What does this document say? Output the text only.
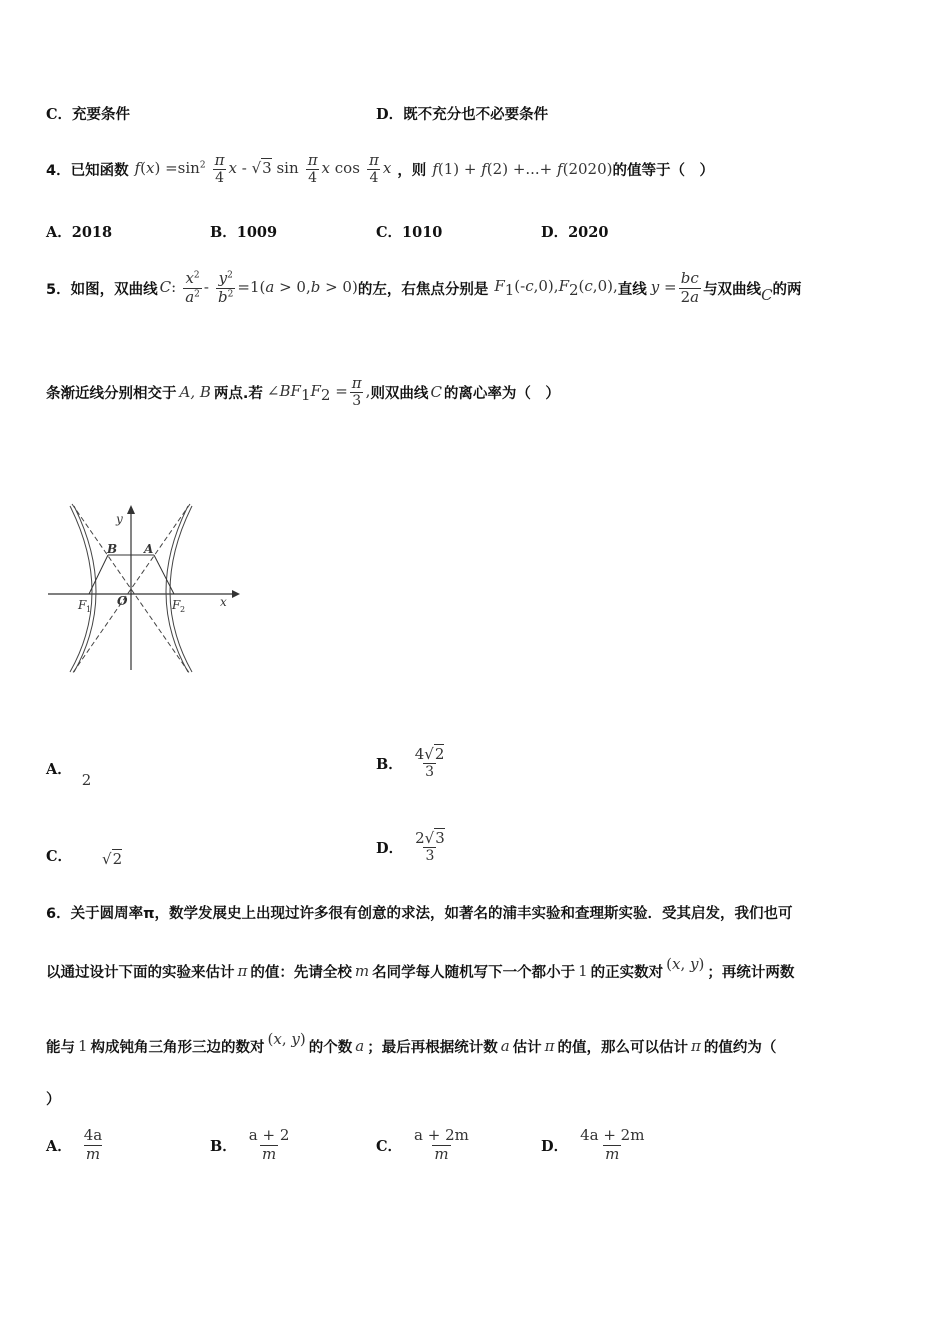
C．充要条件	D．既不充分也不必要条件
4． 已知函数 $f(x) =\sin^2 \frac{\pi}{4}$ x - √3 $\sin \frac{\pi}{4}$ x $\cos \frac{\pi}{4}$ x ，则 f(1) + f(2) +...+ f(2020) 的值等于（　）
A．2018	B．1009	C．1010	D．2020
5． 如图，双曲线 C: $\frac{x^2}{a^2} - \frac{y^2}{b^2} =1(a > 0,b > 0)$ 的左，右焦点分别是 $F_1(-c,0),F_2(c,0)$, 直线 $y = \frac{bc}{2a}$ 与双曲线 C 的两
条渐近线分别相交于 A, B 两点.若 $\angle BF_1F_2 = \frac{\pi}{3}$ , 则双曲线 C 的离心率为（　）
y
x
B A
O
F 1	F 2
A．
2
B． $\frac{4√2}{3}$
C． √2
D． $\frac{2√3}{3}$
6．关于圆周率π，数学发展史上出现过许多很有创意的求法，如著名的浦丰实验和查理斯实验．受其启发，我们也可
以通过设计下面的实验来估计 π 的值：先请全校 m 名同学每人随机写下一个都小于 1 的正实数对 (x, y) ；再统计两数
能与 1 构成钝角三角形三边的数对 (x, y) 的个数 a ；最后再根据统计数 a 估计 π 的值，那么可以估计 π 的值约为（
）
A． $\frac{4a}{m}$	B． $\frac{a + 2}{m}$	C． $\frac{a + 2m}{m}$	D． $\frac{4a + 2m}{m}$
